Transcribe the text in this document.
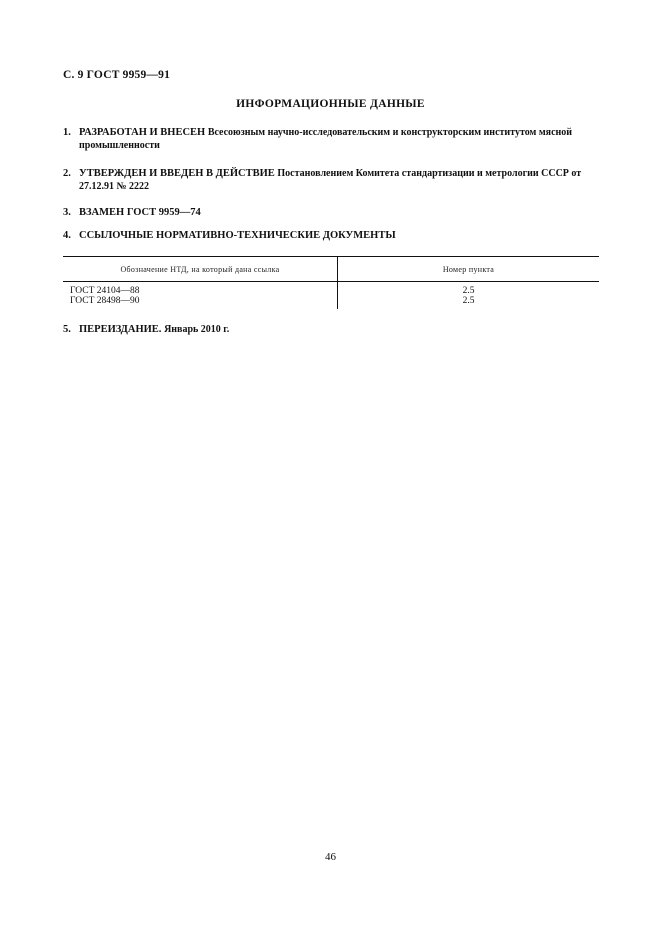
С. 9 ГОСТ 9959—91
ИНФОРМАЦИОННЫЕ ДАННЫЕ
1. РАЗРАБОТАН И ВНЕСЕН Всесоюзным научно-исследовательским и конструкторским институтом мясной промышленности
2. УТВЕРЖДЕН И ВВЕДЕН В ДЕЙСТВИЕ Постановлением Комитета стандартизации и метрологии СССР от 27.12.91 № 2222
3. ВЗАМЕН ГОСТ 9959—74
4. ССЫЛОЧНЫЕ НОРМАТИВНО-ТЕХНИЧЕСКИЕ ДОКУМЕНТЫ
Обозначение НТД, на который дана ссылка	Номер пункта
ГОСТ 24104—88	2.5
ГОСТ 28498—90	2.5
5. ПЕРЕИЗДАНИЕ. Январь 2010 г.
46
